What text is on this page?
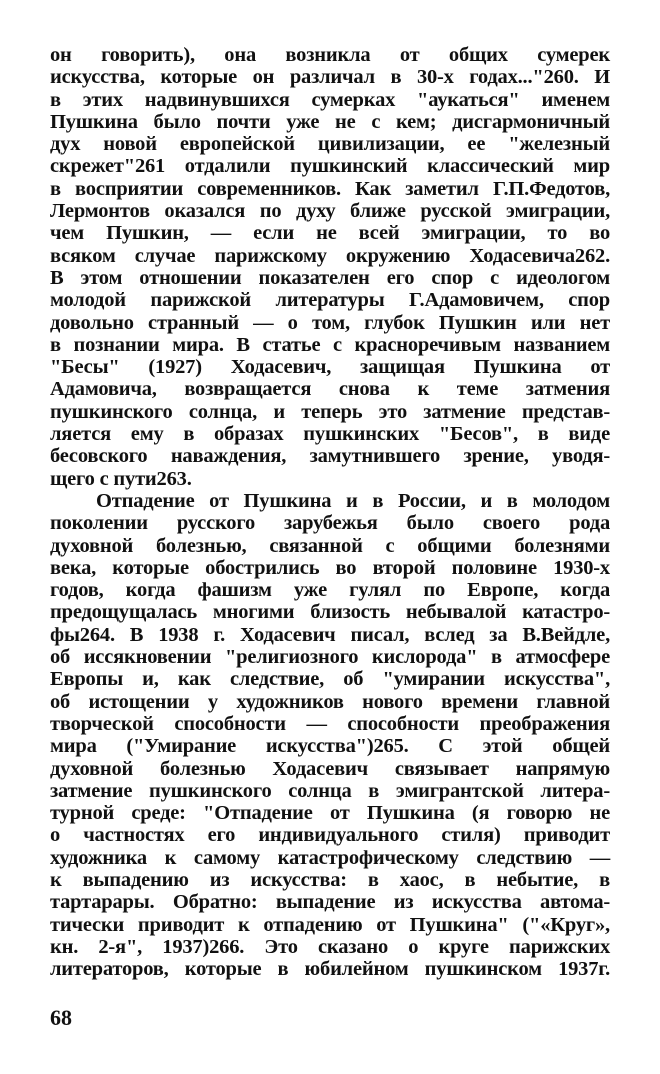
он говорить), она возникла от общих сумерек
искусства, которые он различал в 30-х годах..."260. И
в этих надвинувшихся сумерках "аукаться" именем
Пушкина было почти уже не с кем; дисгармоничный
дух новой европейской цивилизации, ее "железный
скрежет"261 отдалили пушкинский классический мир
в восприятии современников. Как заметил Г.П.Федотов,
Лермонтов оказался по духу ближе русской эмиграции,
чем Пушкин, — если не всей эмиграции, то во
всяком случае парижскому окружению Ходасевича262.
В этом отношении показателен его спор с идеологом
молодой парижской литературы Г.Адамовичем, спор
довольно странный — о том, глубок Пушкин или нет
в познании мира. В статье с красноречивым названием
"Бесы" (1927) Ходасевич, защищая Пушкина от
Адамовича, возвращается снова к теме затмения
пушкинского солнца, и теперь это затмение представ-
ляется ему в образах пушкинских "Бесов", в виде
бесовского наваждения, замутнившего зрение, уводя-
щего с пути263.
Отпадение от Пушкина и в России, и в молодом
поколении русского зарубежья было своего рода
духовной болезнью, связанной с общими болезнями
века, которые обострились во второй половине 1930-х
годов, когда фашизм уже гулял по Европе, когда
предощущалась многими близость небывалой катастро-
фы264. В 1938 г. Ходасевич писал, вслед за В.Вейдле,
об иссякновении "религиозного кислорода" в атмосфере
Европы и, как следствие, об "умирании искусства",
об истощении у художников нового времени главной
творческой способности — способности преображения
мира ("Умирание искусства")265. С этой общей
духовной болезнью Ходасевич связывает напрямую
затмение пушкинского солнца в эмигрантской литера-
турной среде: "Отпадение от Пушкина (я говорю не
о частностях его индивидуального стиля) приводит
художника к самому катастрофическому следствию —
к выпадению из искусства: в хаос, в небытие, в
тартарары. Обратно: выпадение из искусства автома-
тически приводит к отпадению от Пушкина" ("«Круг»,
кн. 2-я", 1937)266. Это сказано о круге парижских
литераторов, которые в юбилейном пушкинском 1937г.
68
